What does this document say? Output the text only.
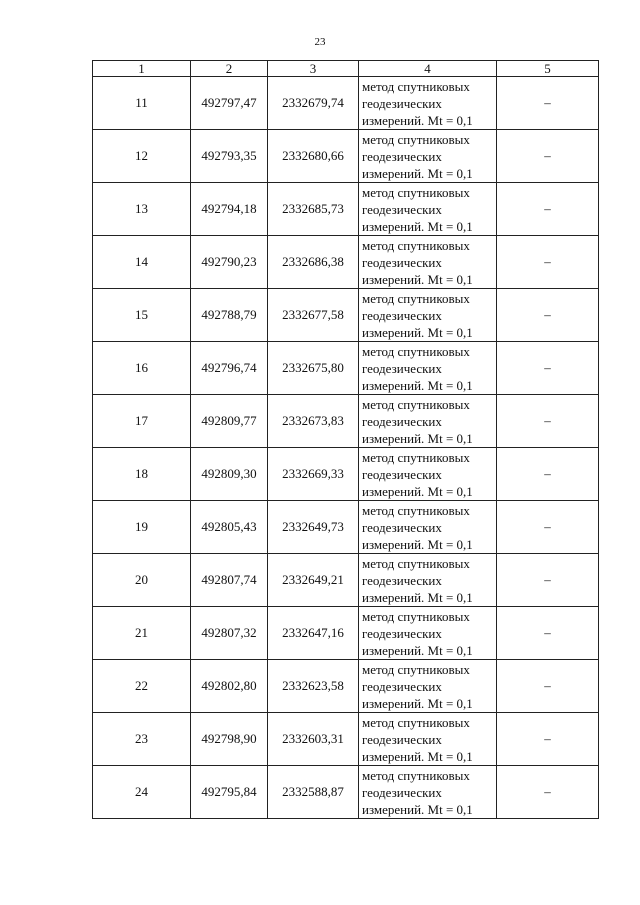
23
1	2	3	4	5
11	492797,47	2332679,74	метод спутниковых
геодезических
измерений. Mt = 0,1	–
12	492793,35	2332680,66	метод спутниковых
геодезических
измерений. Mt = 0,1	–
13	492794,18	2332685,73	метод спутниковых
геодезических
измерений. Mt = 0,1	–
14	492790,23	2332686,38	метод спутниковых
геодезических
измерений. Mt = 0,1	–
15	492788,79	2332677,58	метод спутниковых
геодезических
измерений. Mt = 0,1	–
16	492796,74	2332675,80	метод спутниковых
геодезических
измерений. Mt = 0,1	–
17	492809,77	2332673,83	метод спутниковых
геодезических
измерений. Mt = 0,1	–
18	492809,30	2332669,33	метод спутниковых
геодезических
измерений. Mt = 0,1	–
19	492805,43	2332649,73	метод спутниковых
геодезических
измерений. Mt = 0,1	–
20	492807,74	2332649,21	метод спутниковых
геодезических
измерений. Mt = 0,1	–
21	492807,32	2332647,16	метод спутниковых
геодезических
измерений. Mt = 0,1	–
22	492802,80	2332623,58	метод спутниковых
геодезических
измерений. Mt = 0,1	–
23	492798,90	2332603,31	метод спутниковых
геодезических
измерений. Mt = 0,1	–
24	492795,84	2332588,87	метод спутниковых
геодезических
измерений. Mt = 0,1	–
